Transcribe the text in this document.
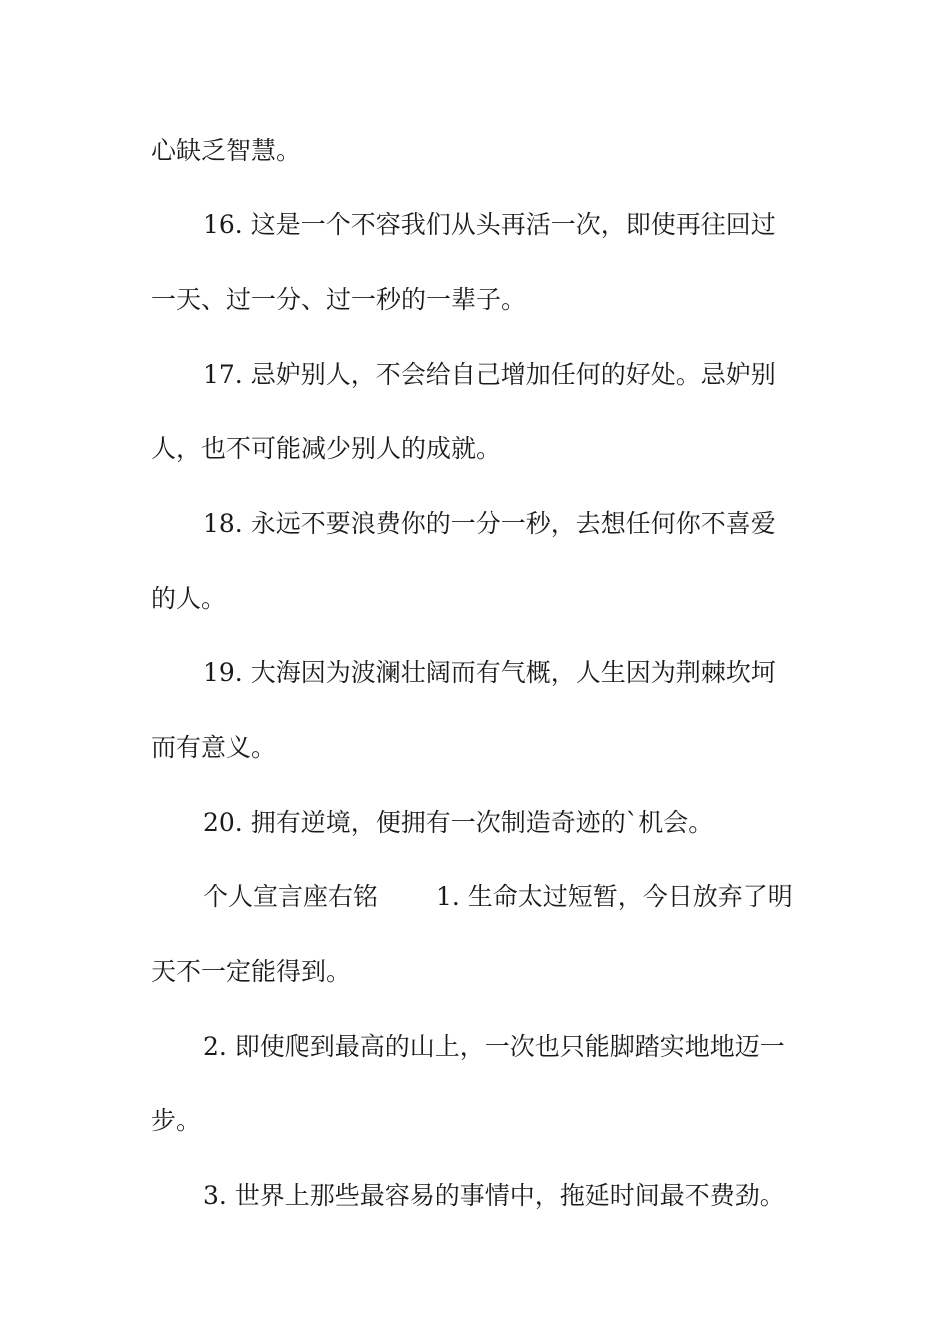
心缺乏智慧。
16. 这是一个不容我们从头再活一次，即使再往回过
一天、过一分、过一秒的一辈子。
17. 忌妒别人，不会给自己增加任何的好处。忌妒别
人，也不可能减少别人的成就。
18. 永远不要浪费你的一分一秒，去想任何你不喜爱
的人。
19. 大海因为波澜壮阔而有气概，人生因为荆棘坎坷
而有意义。
20. 拥有逆境，便拥有一次制造奇迹的`机会。
个人宣言座右铭　　 1. 生命太过短暂，今日放弃了明
天不一定能得到。
2. 即使爬到最高的山上，一次也只能脚踏实地地迈一
步。
3. 世界上那些最容易的事情中，拖延时间最不费劲。
